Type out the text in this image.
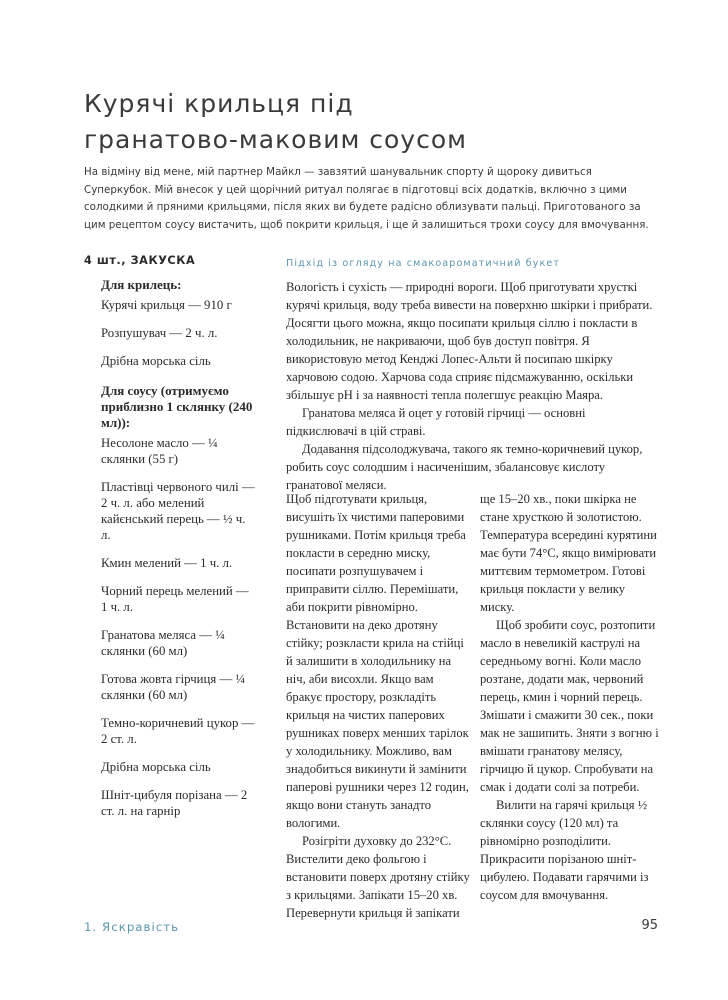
Курячі крильця під
гранатово-маковим соусом

На відміну від мене, мій партнер Майкл — завзятий шанувальник спорту й щороку дивиться Суперкубок. Мій внесок у цей щорічний ритуал полягає в підготовці всіх додатків, включно з цими солодкими й пряними крильцями, після яких ви будете радісно облизувати пальці. Приготованого за цим рецептом соусу вистачить, щоб покрити крильця, і ще й залишиться трохи соусу для вмочування.

4 шт., ЗАКУСКА

Для крилець:

Курячі крильця — 910 г

Розпушувач — 2 ч. л.

Дрібна морська сіль

Для соусу (отримуємо приблизно 1 склянку (240 мл)):

Несолоне масло — ¼ склянки (55 г)

Пластівці червоного чилі — 2 ч. л. або мелений кайєнський перець — ½ ч. л.

Кмин мелений — 1 ч. л.

Чорний перець мелений — 1 ч. л.

Гранатова меляса — ¼ склянки (60 мл)

Готова жовта гірчиця — ¼ склянки (60 мл)

Темно-коричневий цукор — 2 ст. л.

Дрібна морська сіль

Шніт-цибуля порізана — 2 ст. л. на гарнір

Підхід із огляду на смакоароматичний букет

Вологість і сухість — природні вороги. Щоб приготувати хрусткі курячі крильця, воду треба вивести на поверхню шкірки і прибрати. Досягти цього можна, якщо посипати крильця сіллю і покласти в холодильник, не накриваючи, щоб був доступ повітря. Я використовую метод Кенджі Лопес-Альти й посипаю шкірку харчовою содою. Харчова сода сприяє підсмажуванню, оскільки збільшує pH і за наявності тепла полегшує реакцію Маяра.

Гранатова меляса й оцет у готовій гірчиці — основні підкислювачі в цій страві.

Додавання підсолоджувача, такого як темно-коричневий цукор, робить соус солодшим і насиченішим, збалансовує кислоту гранатової меляси.

Щоб підготувати крильця, висушіть їх чистими паперовими рушниками. Потім крильця треба покласти в середню миску, посипати розпушувачем і приправити сіллю. Перемішати, аби покрити рівномірно. Встановити на деко дротяну стійку; розкласти крила на стійці й залишити в холодильнику на ніч, аби висохли. Якщо вам бракує простору, розкладіть крильця на чистих паперових рушниках поверх менших тарілок у холодильнику. Можливо, вам знадобиться викинути й замінити паперові рушники через 12 годин, якщо вони стануть занадто вологими.

Розігріти духовку до 232°С. Вистелити деко фольгою і встановити поверх дротяну стійку з крильцями. Запікати 15–20 хв. Перевернути крильця й запікати

ще 15–20 хв., поки шкірка не стане хрусткою й золотистою. Температура всередині курятини має бути 74°С, якщо вимірювати миттєвим термометром. Готові крильця покласти у велику миску.

Щоб зробити соус, розтопити масло в невеликій каструлі на середньому вогні. Коли масло розтане, додати мак, червоний перець, кмин і чорний перець. Змішати і смажити 30 сек., поки мак не зашипить. Зняти з вогню і вмішати гранатову мелясу, гірчицю й цукор. Спробувати на смак і додати солі за потреби.

Вилити на гарячі крильця ½ склянки соусу (120 мл) та рівномірно розподілити. Прикрасити порізаною шніт-цибулею. Подавати гарячими із соусом для вмочування.

1. Яскравість	95
